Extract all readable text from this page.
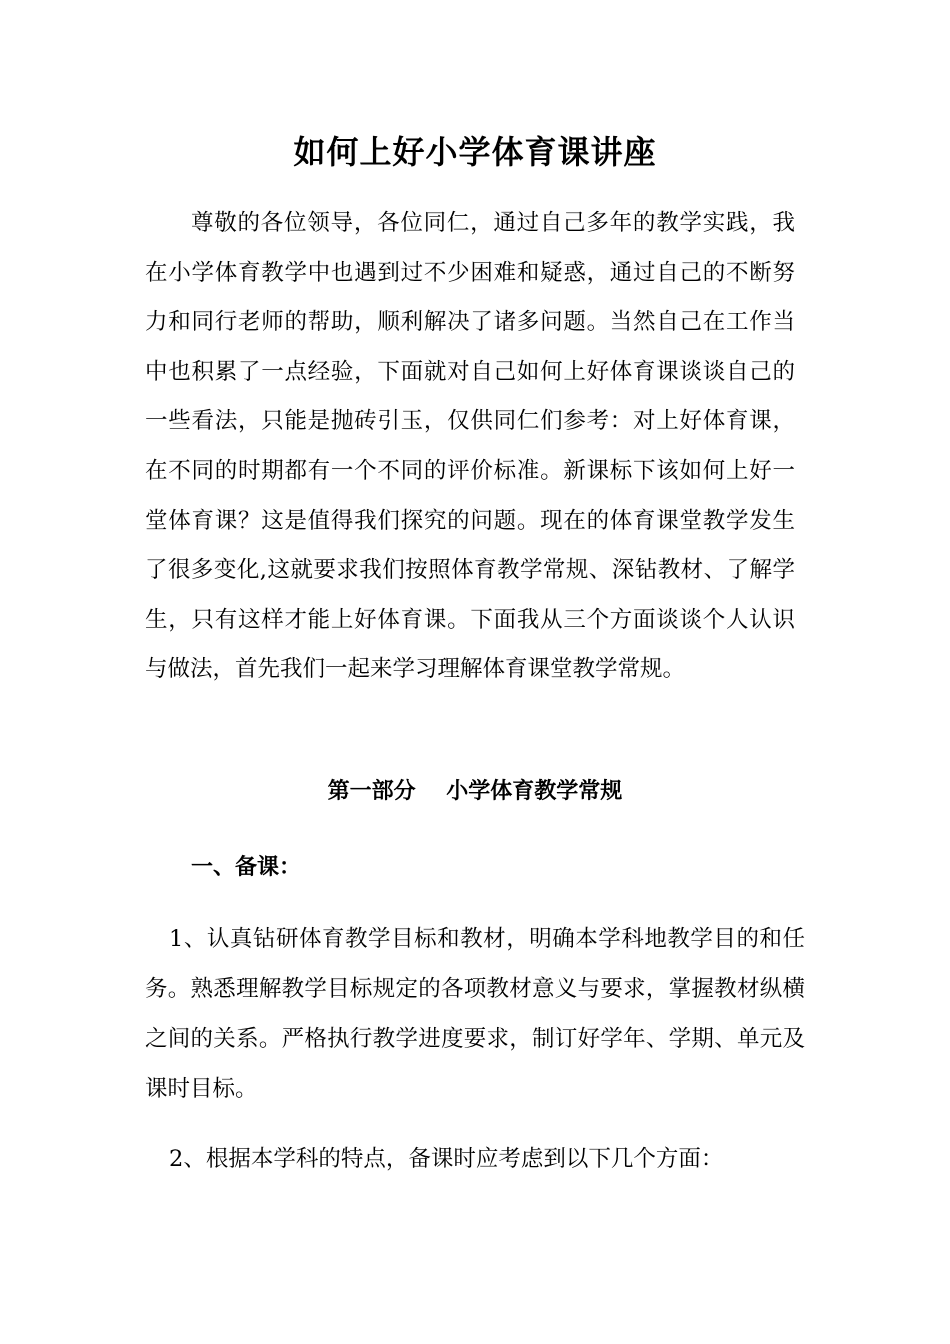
如何上好小学体育课讲座

尊敬的各位领导，各位同仁，通过自己多年的教学实践，我在小学体育教学中也遇到过不少困难和疑惑，通过自己的不断努力和同行老师的帮助，顺利解决了诸多问题。当然自己在工作当中也积累了一点经验，下面就对自己如何上好体育课谈谈自己的一些看法，只能是抛砖引玉，仅供同仁们参考：对上好体育课，在不同的时期都有一个不同的评价标准。新课标下该如何上好一堂体育课？这是值得我们探究的问题。现在的体育课堂教学发生了很多变化,这就要求我们按照体育教学常规、深钻教材、了解学生，只有这样才能上好体育课。下面我从三个方面谈谈个人认识与做法，首先我们一起来学习理解体育课堂教学常规。

第一部分    小学体育教学常规
一、备课：

1、认真钻研体育教学目标和教材，明确本学科地教学目的和任务。熟悉理解教学目标规定的各项教材意义与要求，掌握教材纵横之间的关系。严格执行教学进度要求，制订好学年、学期、单元及课时目标。

2、根据本学科的特点，备课时应考虑到以下几个方面：
